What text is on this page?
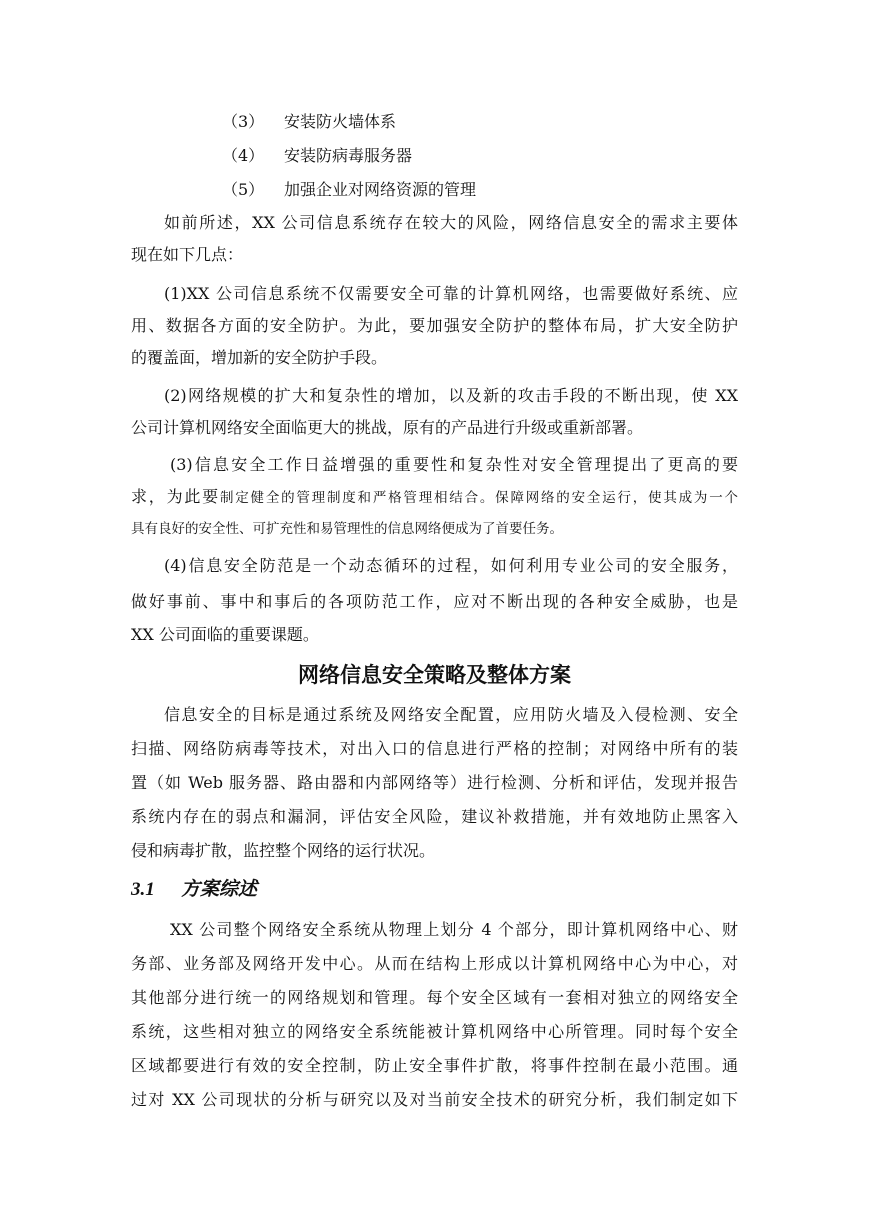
（3） 安装防火墙体系
（4） 安装防病毒服务器
（5） 加强企业对网络资源的管理
如前所述，XX 公司信息系统存在较大的风险，网络信息安全的需求主要体
现在如下几点：
(1)XX 公司信息系统不仅需要安全可靠的计算机网络，也需要做好系统、应
用、数据各方面的安全防护。为此，要加强安全防护的整体布局，扩大安全防护
的覆盖面，增加新的安全防护手段。
(2)网络规模的扩大和复杂性的增加，以及新的攻击手段的不断出现，使 XX
公司计算机网络安全面临更大的挑战，原有的产品进行升级或重新部署。
(3)信息安全工作日益增强的重要性和复杂性对安全管理提出了更高的要
求，为此要制定健全的管理制度和严格管理相结合。保障网络的安全运行，使其成为一个
具有良好的安全性、可扩充性和易管理性的信息网络便成为了首要任务。
(4)信息安全防范是一个动态循环的过程，如何利用专业公司的安全服务，
做好事前、事中和事后的各项防范工作，应对不断出现的各种安全威胁，也是
XX 公司面临的重要课题。
网络信息安全策略及整体方案
信息安全的目标是通过系统及网络安全配置，应用防火墙及入侵检测、安全
扫描、网络防病毒等技术，对出入口的信息进行严格的控制；对网络中所有的装
置（如 Web 服务器、路由器和内部网络等）进行检测、分析和评估，发现并报告
系统内存在的弱点和漏洞，评估安全风险，建议补救措施，并有效地防止黑客入
侵和病毒扩散，监控整个网络的运行状况。
3.1 方案综述
XX 公司整个网络安全系统从物理上划分 4 个部分，即计算机网络中心、财
务部、业务部及网络开发中心。从而在结构上形成以计算机网络中心为中心，对
其他部分进行统一的网络规划和管理。每个安全区域有一套相对独立的网络安全
系统，这些相对独立的网络安全系统能被计算机网络中心所管理。同时每个安全
区域都要进行有效的安全控制，防止安全事件扩散，将事件控制在最小范围。通
过对 XX 公司现状的分析与研究以及对当前安全技术的研究分析，我们制定如下
